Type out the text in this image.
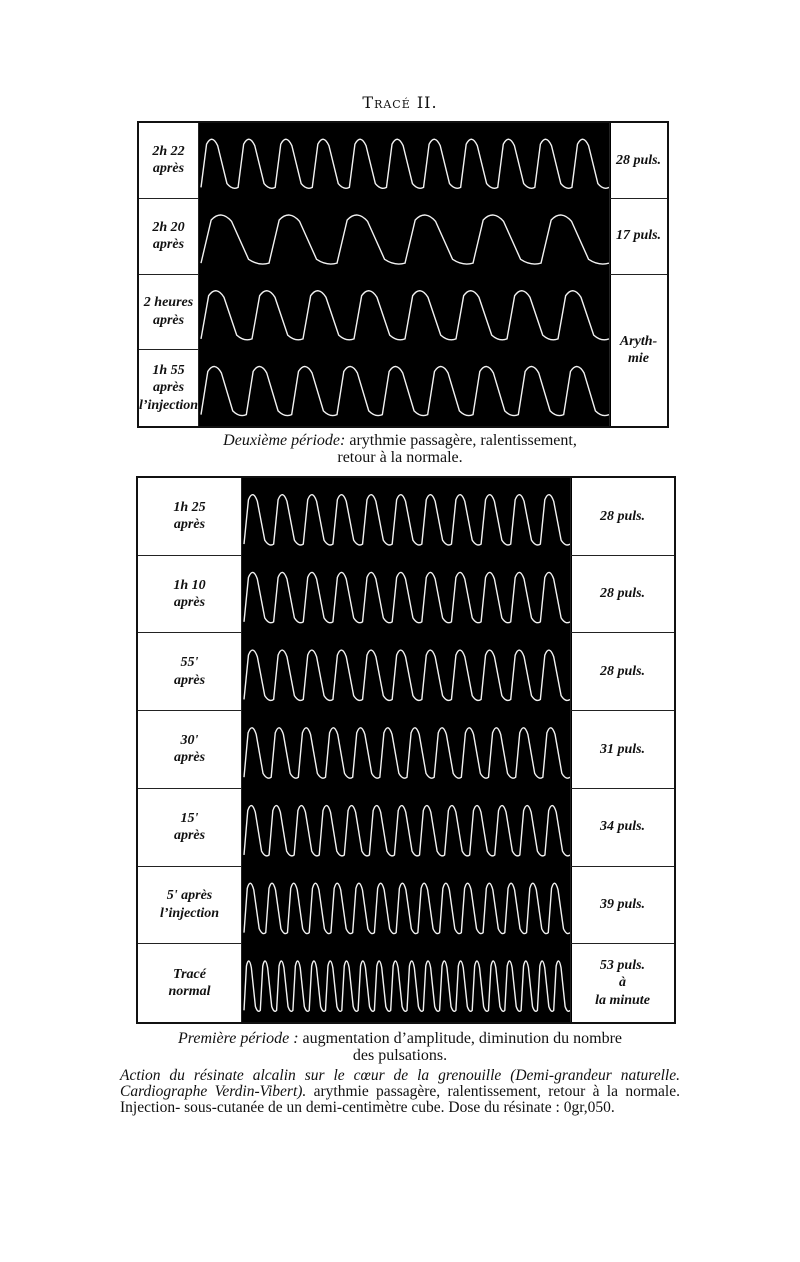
Tracé II.
2h 22
après
2h 20
après
2 heures
après
1h 55
après
l’injection
28 puls.
17 puls.
Aryth-
mie
Deuxième période: arythmie passagère, ralentissement,
retour à la normale.
1h 25
après
1h 10
après
55'
après
30'
après
15'
après
5' après
l’injection
Tracé
normal
28 puls.
28 puls.
28 puls.
31 puls.
34 puls.
39 puls.
53 puls.
à
la minute
Première période : augmentation d’amplitude, diminution du nombre
des pulsations.
Action du résinate alcalin sur le cœur de la grenouille (Demi-grandeur naturelle. Cardiographe Verdin-Vibert). arythmie passagère, ralentissement, retour à la normale. Injection- sous-cutanée de un demi-centimètre cube. Dose du résinate : 0gr,050.
